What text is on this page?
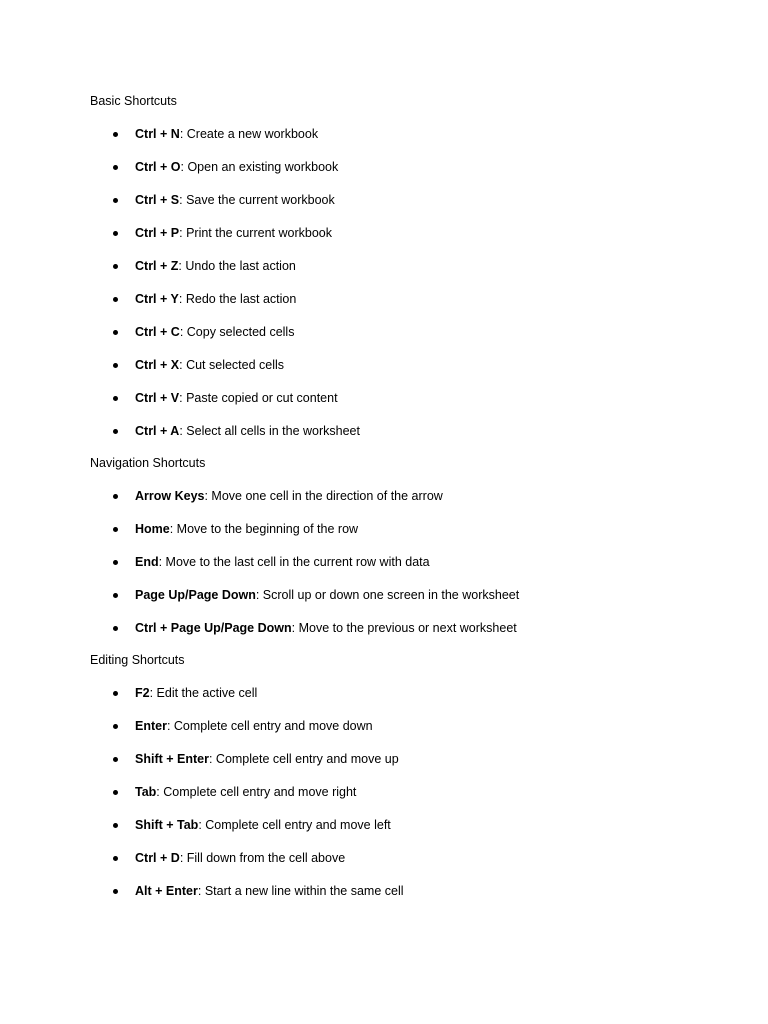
Basic Shortcuts
Ctrl + N: Create a new workbook
Ctrl + O: Open an existing workbook
Ctrl + S: Save the current workbook
Ctrl + P: Print the current workbook
Ctrl + Z: Undo the last action
Ctrl + Y: Redo the last action
Ctrl + C: Copy selected cells
Ctrl + X: Cut selected cells
Ctrl + V: Paste copied or cut content
Ctrl + A: Select all cells in the worksheet
Navigation Shortcuts
Arrow Keys: Move one cell in the direction of the arrow
Home: Move to the beginning of the row
End: Move to the last cell in the current row with data
Page Up/Page Down: Scroll up or down one screen in the worksheet
Ctrl + Page Up/Page Down: Move to the previous or next worksheet
Editing Shortcuts
F2: Edit the active cell
Enter: Complete cell entry and move down
Shift + Enter: Complete cell entry and move up
Tab: Complete cell entry and move right
Shift + Tab: Complete cell entry and move left
Ctrl + D: Fill down from the cell above
Alt + Enter: Start a new line within the same cell
